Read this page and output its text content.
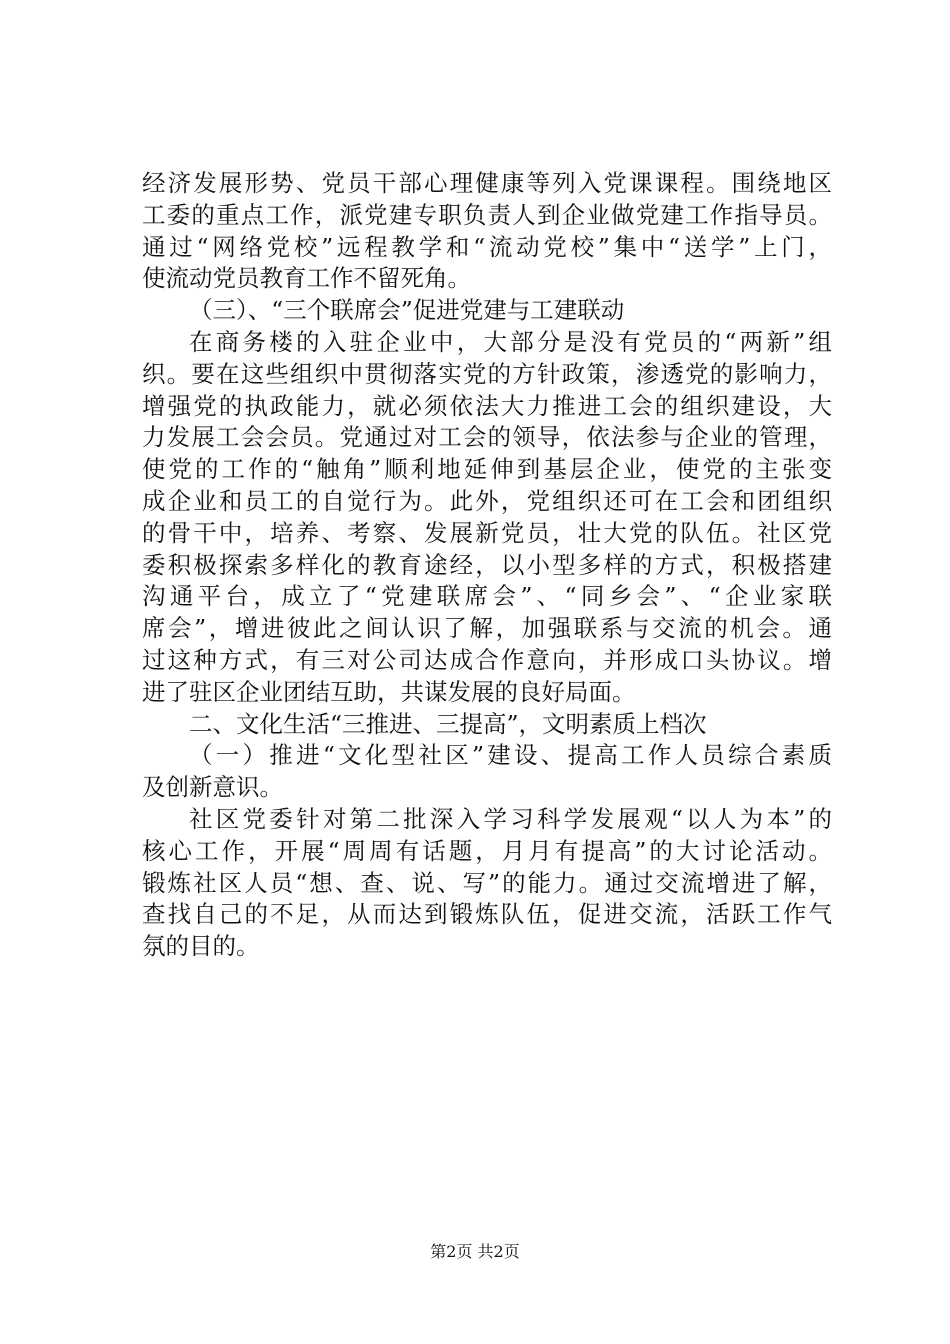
经济发展形势、党员干部心理健康等列入党课课程。围绕地区
工委的重点工作，派党建专职负责人到企业做党建工作指导员。
通过“网络党校”远程教学和“流动党校”集中“送学”上门，
使流动党员教育工作不留死角。
（三）、“三个联席会”促进党建与工建联动
在商务楼的入驻企业中，大部分是没有党员的“两新”组
织。要在这些组织中贯彻落实党的方针政策，渗透党的影响力，
增强党的执政能力，就必须依法大力推进工会的组织建设，大
力发展工会会员。党通过对工会的领导，依法参与企业的管理，
使党的工作的“触角”顺利地延伸到基层企业，使党的主张变
成企业和员工的自觉行为。此外，党组织还可在工会和团组织
的骨干中，培养、考察、发展新党员，壮大党的队伍。社区党
委积极探索多样化的教育途经，以小型多样的方式，积极搭建
沟通平台，成立了“党建联席会”、“同乡会”、“企业家联
席会”，增进彼此之间认识了解，加强联系与交流的机会。通
过这种方式，有三对公司达成合作意向，并形成口头协议。增
进了驻区企业团结互助，共谋发展的良好局面。
二、文化生活“三推进、三提高”，文明素质上档次
（一）推进“文化型社区”建设、提高工作人员综合素质
及创新意识。
社区党委针对第二批深入学习科学发展观“以人为本”的
核心工作，开展“周周有话题，月月有提高”的大讨论活动。
锻炼社区人员“想、查、说、写”的能力。通过交流增进了解，
查找自己的不足，从而达到锻炼队伍，促进交流，活跃工作气
氛的目的。
第2页 共2页
